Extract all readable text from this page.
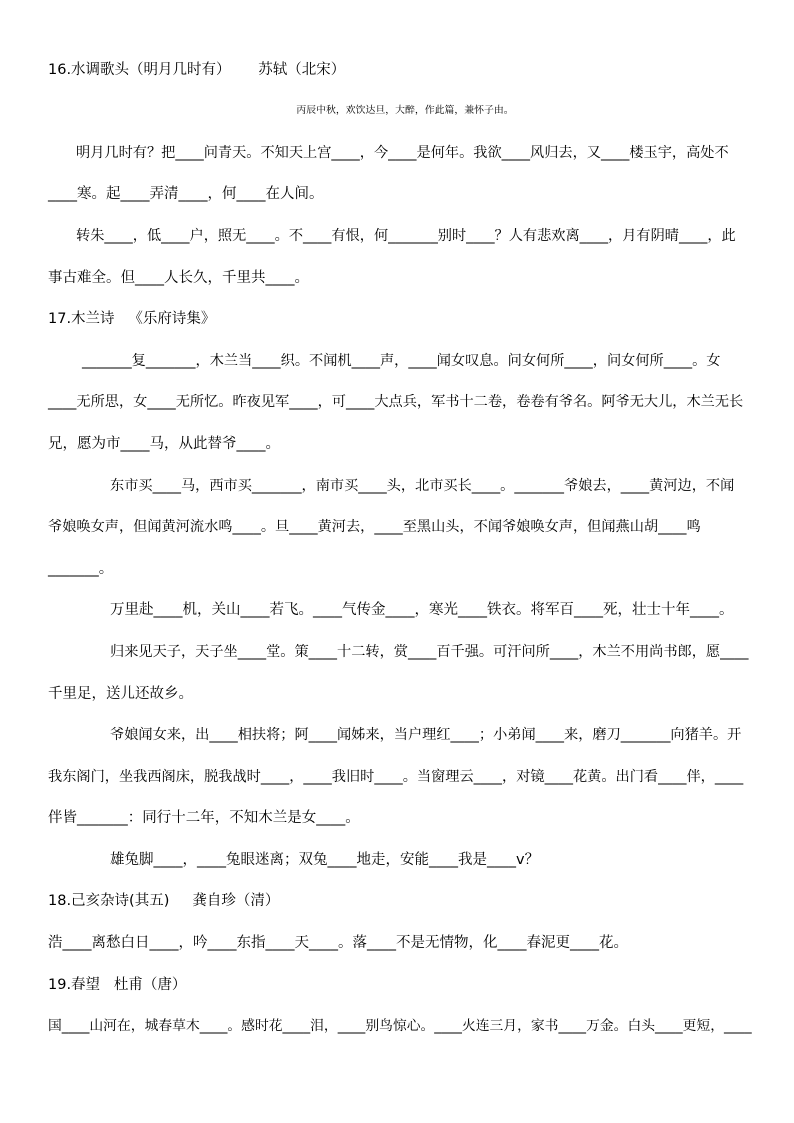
16.水调歌头（明月几时有）      苏轼（北宋）
丙辰中秋，欢饮达旦，大醉，作此篇，兼怀子由。
明月几时有？把____问青天。不知天上宫____，今____是何年。我欲____风归去，又____楼玉宇，高处不
____寒。起____弄清____，何____在人间。
转朱____，低____户，照无____。不____有恨，何_______别时____？人有悲欢离____，月有阴晴____，此
事古难全。但____人长久，千里共____。
17.木兰诗   《乐府诗集》
_______复_______，木兰当____织。不闻机____声，____闻女叹息。问女何所____，问女何所____。女
____无所思，女____无所忆。昨夜见军____，可____大点兵，军书十二卷，卷卷有爷名。阿爷无大儿，木兰无长
兄，愿为市____马，从此替爷____。
东市买____马，西市买_______，南市买____头，北市买长____。_______爷娘去，____黄河边，不闻
爷娘唤女声，但闻黄河流水鸣____。旦____黄河去，____至黑山头，不闻爷娘唤女声，但闻燕山胡____鸣
_______。
万里赴____机，关山____若飞。____气传金____，寒光____铁衣。将军百____死，壮士十年____。
归来见天子，天子坐____堂。策____十二转，赏____百千强。可汗问所____，木兰不用尚书郎，愿____
千里足，送儿还故乡。
爷娘闻女来，出____相扶将；阿____闻姊来，当户理红____；小弟闻____来，磨刀_______向猪羊。开
我东阁门，坐我西阁床，脱我战时____，____我旧时____。当窗理云____，对镜____花黄。出门看____伴，____
伴皆_______：同行十二年，不知木兰是女____。
雄兔脚____，____兔眼迷离；双兔____地走，安能____我是____v？
18.己亥杂诗(其五)     龚自珍（清）
浩____离愁白日____，吟____东指____天____。落____不是无情物，化____春泥更____花。
19.春望   杜甫（唐）
国____山河在，城春草木____。感时花____泪，____别鸟惊心。____火连三月，家书____万金。白头____更短，____
